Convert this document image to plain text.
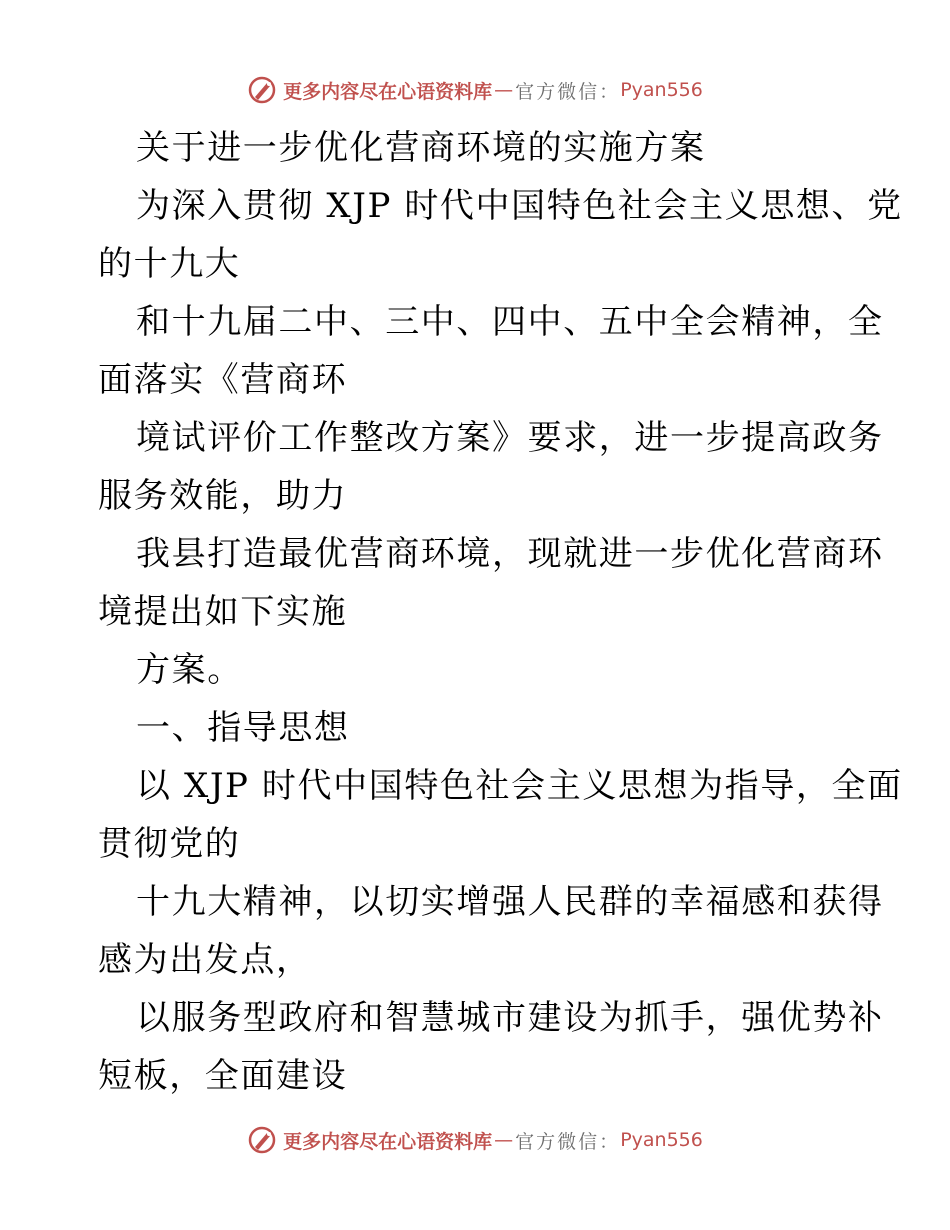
更多内容尽在心语资料库 — 官方微信： Pyan556
关于进一步优化营商环境的实施方案
为深入贯彻 XJP 时代中国特色社会主义思想、党
的十九大
和十九届二中、三中、四中、五中全会精神，全
面落实《营商环
境试评价工作整改方案》要求，进一步提高政务
服务效能，助力
我县打造最优营商环境，现就进一步优化营商环
境提出如下实施
方案。
一、指导思想
以 XJP 时代中国特色社会主义思想为指导，全面
贯彻党的
十九大精神，以切实增强人民群的幸福感和获得
感为出发点，
以服务型政府和智慧城市建设为抓手，强优势补
短板，全面建设
更多内容尽在心语资料库 — 官方微信： Pyan556
